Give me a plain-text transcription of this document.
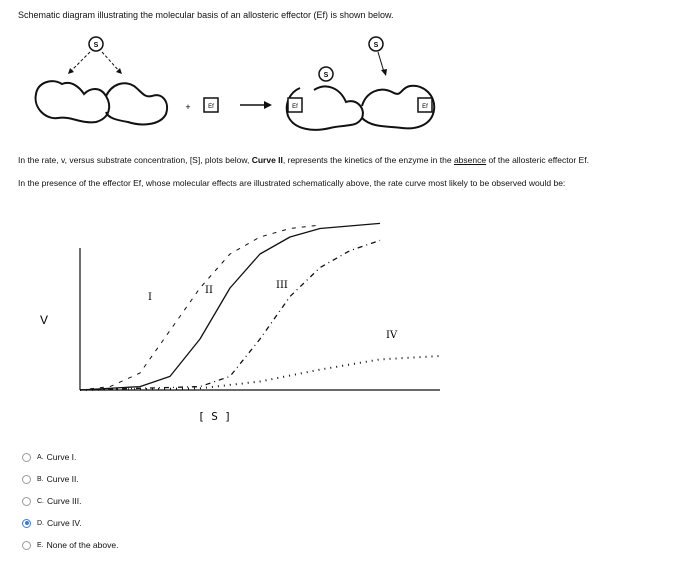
Schematic diagram illustrating the molecular basis of an allosteric effector (Ef) is shown below.
S
+	Ef
S
Ef	Ef
S
In the rate, v, versus substrate concentration, [S], plots below, Curve II, represents the kinetics of the enzyme in the absence of the allosteric effector Ef.
In the presence of the effector Ef, whose molecular effects are illustrated schematically above, the rate curve most likely to be observed would be:
V
[ S ]
I
II	III
IV
A. Curve I.
B. Curve II.
C. Curve III.
D. Curve IV.
E. None of the above.
